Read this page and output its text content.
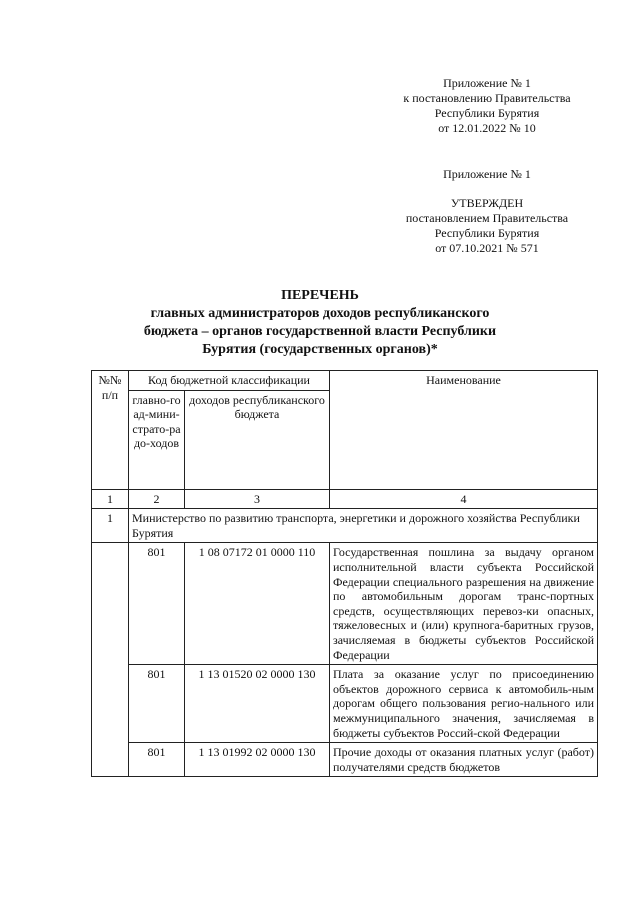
Приложение № 1
к постановлению Правительства
Республики Бурятия
от 12.01.2022 № 10
Приложение № 1
УТВЕРЖДЕН
постановлением Правительства
Республики Бурятия
от 07.10.2021 № 571
ПЕРЕЧЕНЬ
главных администраторов доходов республиканского
бюджета – органов государственной власти Республики
Бурятия (государственных органов)*
№№ п/п	Код бюджетной классификации		Наименование
	главно-го ад-мини-страто-ра до-ходов	доходов республиканского бюджета	
1	2	3	4
1	Министерство по развитию транспорта, энергетики и дорожного хозяйства Республики Бурятия		
	801	1 08 07172 01 0000 110	Государственная пошлина за выдачу органом исполнительной власти субъекта Российской Федерации специального разрешения на движение по автомобильным дорогам транс-портных средств, осуществляющих перевоз-ки опасных, тяжеловесных и (или) крупнога-баритных грузов, зачисляемая в бюджеты субъектов Российской Федерации
	801	1 13 01520 02 0000 130	Плата за оказание услуг по присоединению объектов дорожного сервиса к автомобиль-ным дорогам общего пользования регио-нального или межмуниципального значения, зачисляемая в бюджеты субъектов Россий-ской Федерации
	801	1 13 01992 02 0000 130	Прочие доходы от оказания платных услуг (работ) получателями средств бюджетов
